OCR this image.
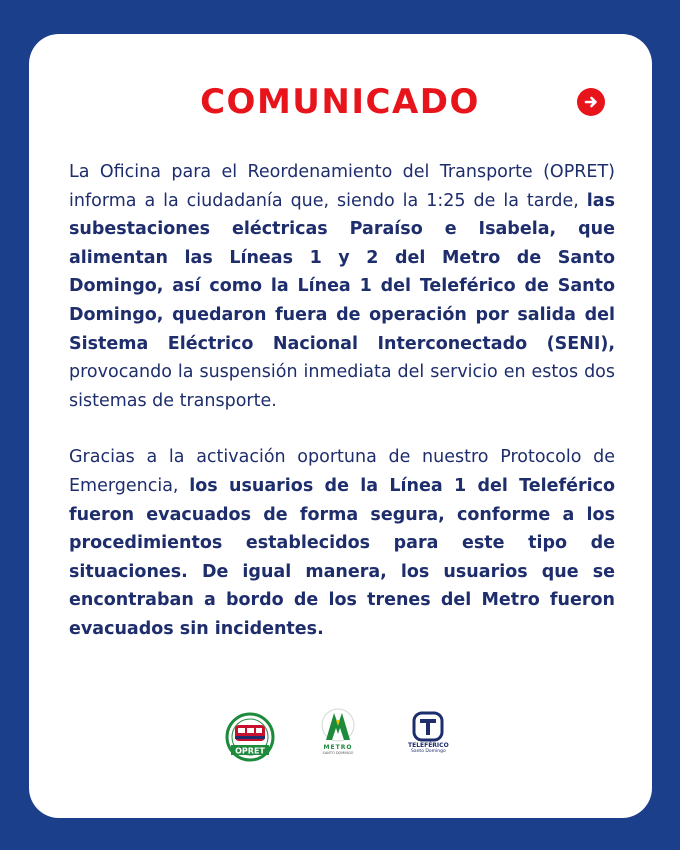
COMUNICADO

La Oficina para el Reordenamiento del Transporte (OPRET) informa a la ciudadanía que, siendo la 1:25 de la tarde, las subestaciones eléctricas Paraíso e Isabela, que alimentan las Líneas 1 y 2 del Metro de Santo Domingo, así como la Línea 1 del Teleférico de Santo Domingo, quedaron fuera de operación por salida del Sistema Eléctrico Nacional Interconectado (SENI), provocando la suspensión inmediata del servicio en estos dos sistemas de transporte.

Gracias a la activación oportuna de nuestro Protocolo de Emergencia, los usuarios de la Línea 1 del Teleférico fueron evacuados de forma segura, conforme a los procedimientos establecidos para este tipo de situaciones. De igual manera, los usuarios que se encontraban a bordo de los trenes del Metro fueron evacuados sin incidentes.

OPRET	METRO
SANTO DOMINGO
TELEFÉRICO
Santo Domingo
